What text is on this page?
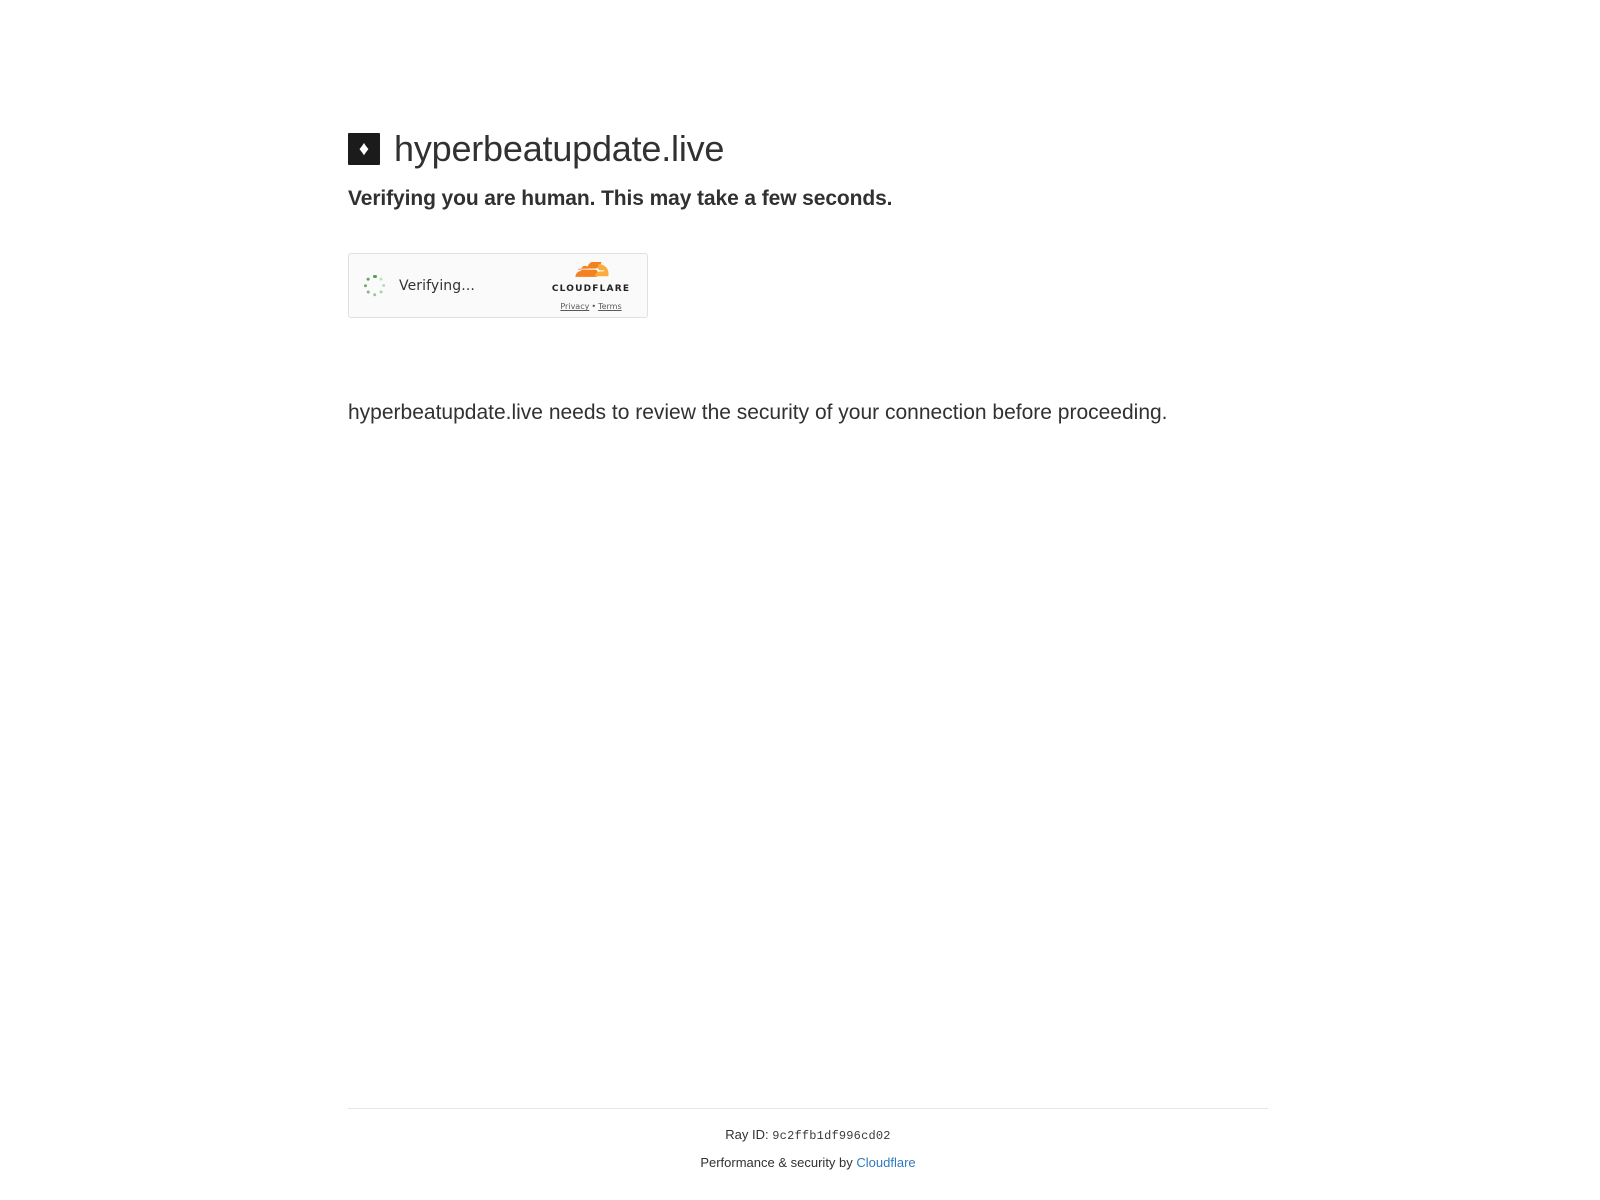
♦ hyperbeatupdate.live
Verifying you are human. This may take a few seconds.
Verifying...	CLOUDFLARE Privacy • Terms

hyperbeatupdate.live needs to review the security of your connection before proceeding.

Ray ID: 9c2ffb1df996cd02
Performance & security by Cloudflare
